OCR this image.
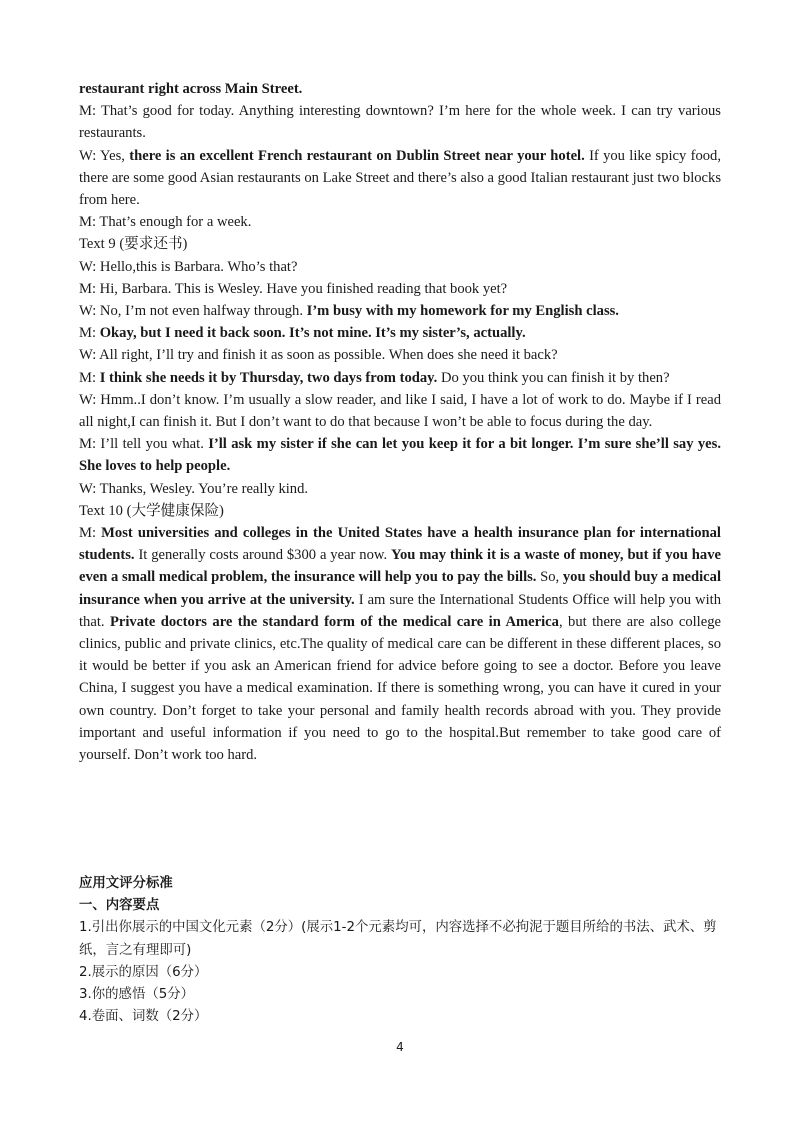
restaurant right across Main Street.

M: That’s good for today. Anything interesting downtown? I’m here for the whole week. I can try various restaurants.

W: Yes, there is an excellent French restaurant on Dublin Street near your hotel. If you like spicy food, there are some good Asian restaurants on Lake Street and there’s also a good Italian restaurant just two blocks from here.

M: That’s enough for a week.

Text 9 (要求还书)

W: Hello,this is Barbara. Who’s that?

M: Hi, Barbara. This is Wesley. Have you finished reading that book yet?

W: No, I’m not even halfway through. I’m busy with my homework for my English class.

M: Okay, but I need it back soon. It’s not mine. It’s my sister’s, actually.

W: All right, I’ll try and finish it as soon as possible. When does she need it back?

M: I think she needs it by Thursday, two days from today. Do you think you can finish it by then?

W: Hmm..I don’t know. I’m usually a slow reader, and like I said, I have a lot of work to do. Maybe if I read all night,I can finish it. But I don’t want to do that because I won’t be able to focus during the day.

M: I’ll tell you what. I’ll ask my sister if she can let you keep it for a bit longer. I’m sure she’ll say yes. She loves to help people.

W: Thanks, Wesley. You’re really kind.

Text 10 (大学健康保险)

M: Most universities and colleges in the United States have a health insurance plan for international students. It generally costs around $300 a year now. You may think it is a waste of money, but if you have even a small medical problem, the insurance will help you to pay the bills. So, you should buy a medical insurance when you arrive at the university. I am sure the International Students Office will help you with that. Private doctors are the standard form of the medical care in America, but there are also college clinics, public and private clinics, etc.The quality of medical care can be different in these different places, so it would be better if you ask an American friend for advice before going to see a doctor. Before you leave China, I suggest you have a medical examination. If there is something wrong, you can have it cured in your own country. Don’t forget to take your personal and family health records abroad with you. They provide important and useful information if you need to go to the hospital.But remember to take good care of yourself. Don’t work too hard.

应用文评分标准

一、内容要点

1.引出你展示的中国文化元素（2分）(展示1-2个元素均可，内容选择不必拘泥于题目所给的书法、武术、剪纸，言之有理即可)

2.展示的原因（6分）

3.你的感悟（5分）

4.卷面、词数（2分）

4
